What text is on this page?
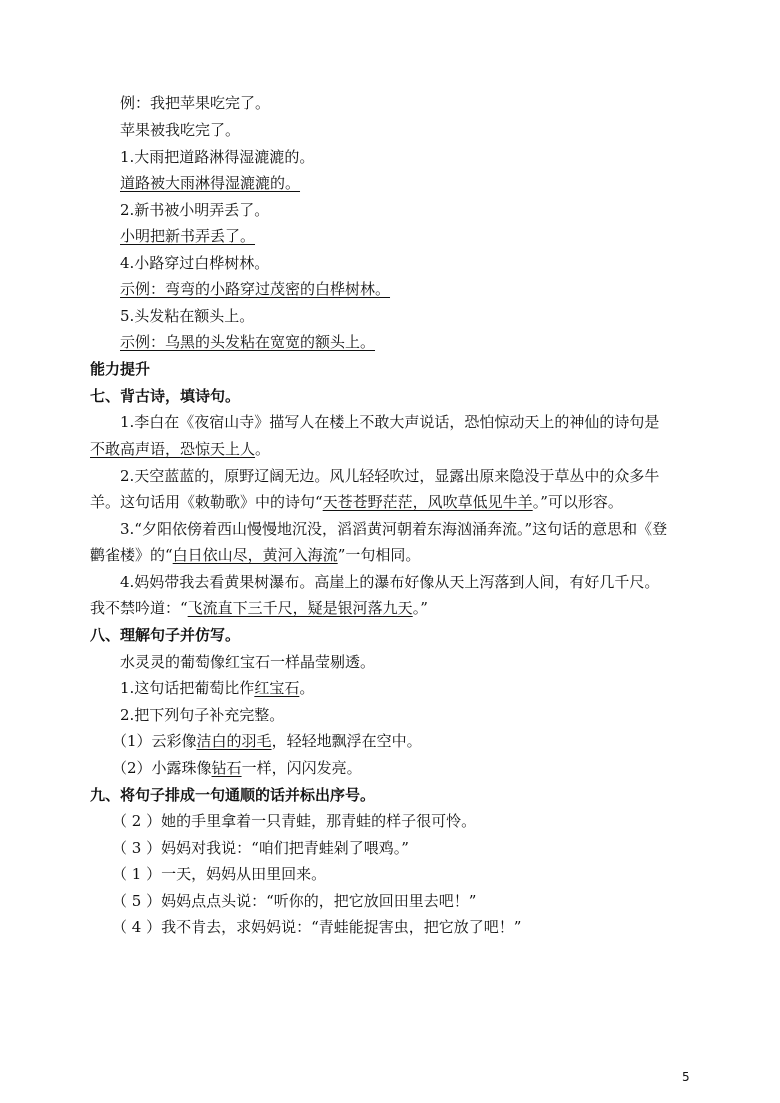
例：我把苹果吃完了。
苹果被我吃完了。
1.大雨把道路淋得湿漉漉的。
道路被大雨淋得湿漉漉的。
2.新书被小明弄丢了。
小明把新书弄丢了。
4.小路穿过白桦树林。
示例：弯弯的小路穿过茂密的白桦树林。
5.头发粘在额头上。
示例：乌黑的头发粘在宽宽的额头上。
能力提升
七、背古诗，填诗句。
1.李白在《夜宿山寺》描写人在楼上不敢大声说话，恐怕惊动天上的神仙的诗句是
不敢高声语，恐惊天上人。
2.天空蓝蓝的，原野辽阔无边。风儿轻轻吹过，显露出原来隐没于草丛中的众多牛
羊。这句话用《敕勒歌》中的诗句“天苍苍野茫茫，风吹草低见牛羊。”可以形容。
3.“夕阳依傍着西山慢慢地沉没，滔滔黄河朝着东海汹涌奔流。”这句话的意思和《登
鹳雀楼》的“白日依山尽，黄河入海流”一句相同。
4.妈妈带我去看黄果树瀑布。高崖上的瀑布好像从天上泻落到人间，有好几千尺。
我不禁吟道：“飞流直下三千尺，疑是银河落九天。”
八、理解句子并仿写。
水灵灵的葡萄像红宝石一样晶莹剔透。
1.这句话把葡萄比作红宝石。
2.把下列句子补充完整。
（1）云彩像洁白的羽毛，轻轻地飘浮在空中。
（2）小露珠像钻石一样，闪闪发亮。
九、将句子排成一句通顺的话并标出序号。
（ 2 ）她的手里拿着一只青蛙，那青蛙的样子很可怜。
（ 3 ）妈妈对我说：“咱们把青蛙剁了喂鸡。”
（ 1 ）一天，妈妈从田里回来。
（ 5 ）妈妈点点头说：“听你的，把它放回田里去吧！”
（ 4 ）我不肯去，求妈妈说：“青蛙能捉害虫，把它放了吧！”
5
